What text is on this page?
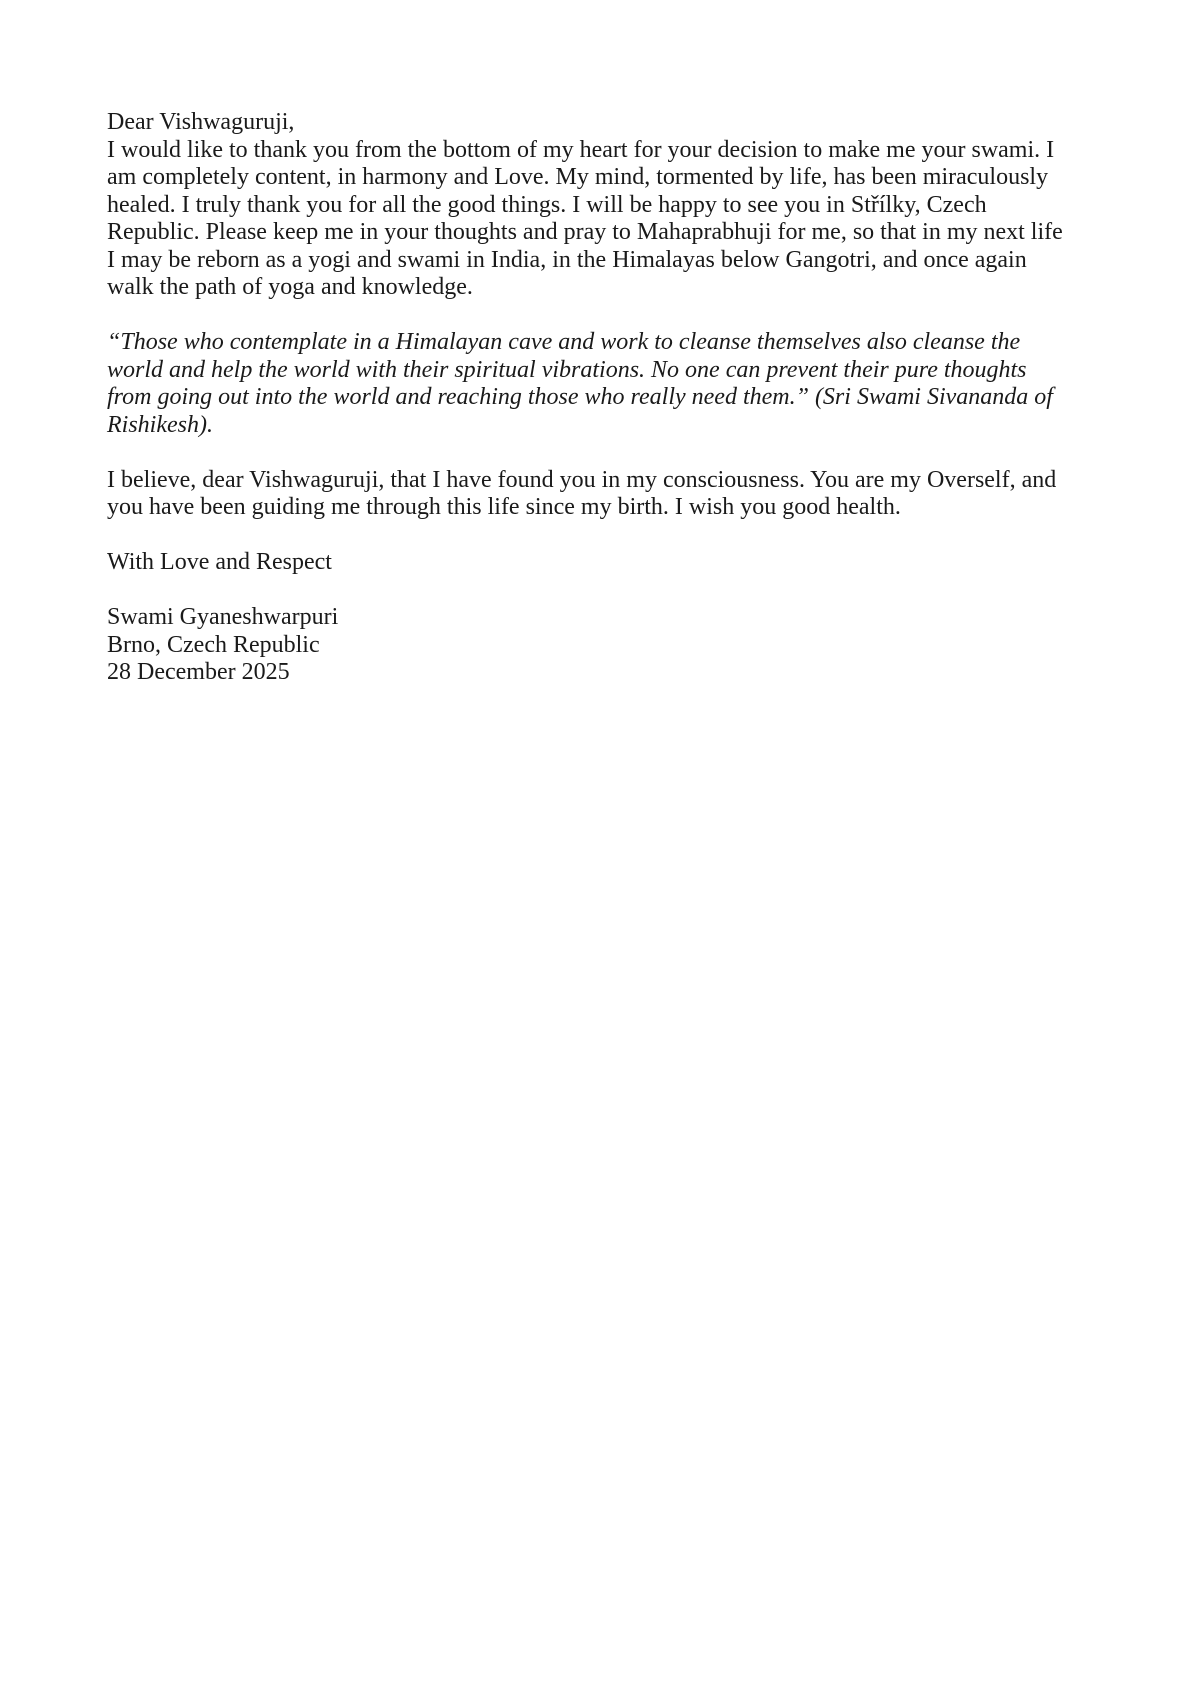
Dear Vishwaguruji,
I would like to thank you from the bottom of my heart for your decision to make me your swami. I am completely content, in harmony and Love. My mind, tormented by life, has been miraculously healed. I truly thank you for all the good things. I will be happy to see you in Střílky, Czech Republic. Please keep me in your thoughts and pray to Mahaprabhuji for me, so that in my next life I may be reborn as a yogi and swami in India, in the Himalayas below Gangotri, and once again walk the path of yoga and knowledge.
“Those who contemplate in a Himalayan cave and work to cleanse themselves also cleanse the world and help the world with their spiritual vibrations. No one can prevent their pure thoughts from going out into the world and reaching those who really need them.” (Sri Swami Sivananda of Rishikesh).
I believe, dear Vishwaguruji, that I have found you in my consciousness. You are my Overself, and you have been guiding me through this life since my birth. I wish you good health.
With Love and Respect
Swami Gyaneshwarpuri
Brno, Czech Republic
28 December 2025
